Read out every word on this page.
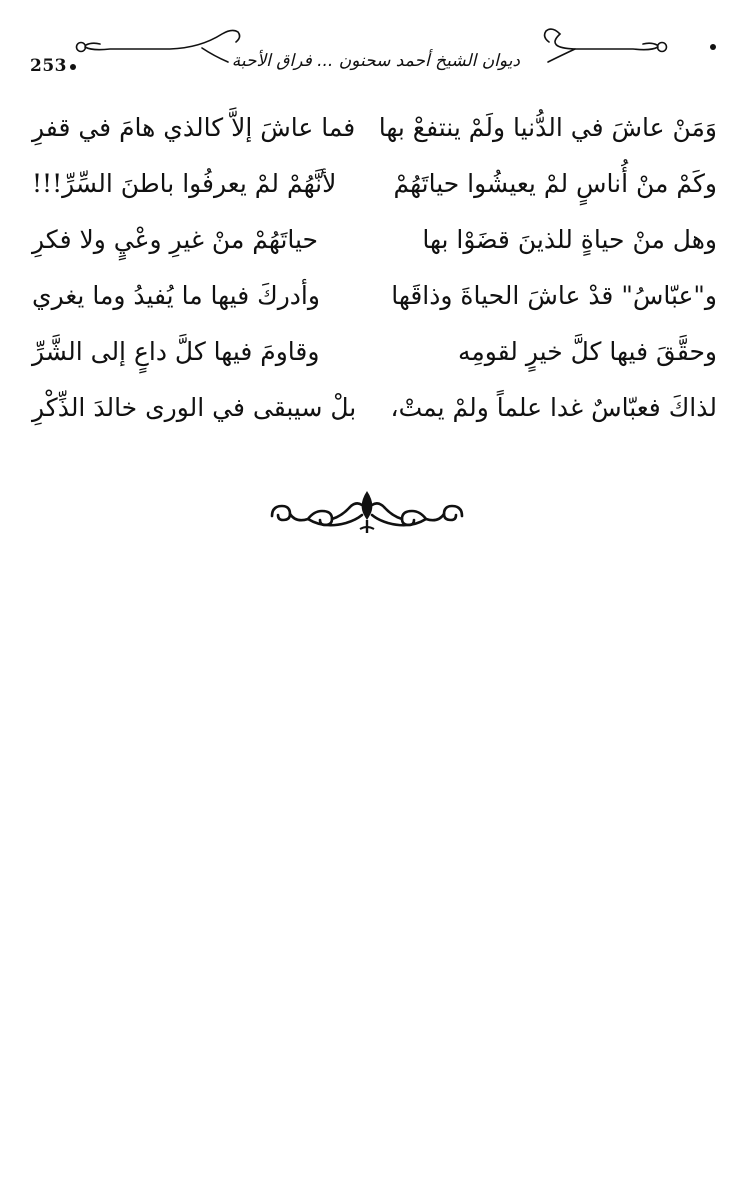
253	ديوان الشيخ أحمد سحنون ... فراق الأحبة
وَمَنْ عاشَ في الدُّنيا ولَمْ ينتفعْ بها
فما عاشَ إلاَّ كالذي هامَ في قفرِ
وكَمْ منْ أُناسٍ لمْ يعيشُوا حياتَهُمْ
لأنَّهُمْ لمْ يعرفُوا باطنَ السِّرِّ!!!
وهل منْ حياةٍ للذينَ قضَوْا بها
حياتَهُمْ منْ غيرِ وعْيٍ ولا فكرِ
و"عبّاسُ" قدْ عاشَ الحياةَ وذاقَها
وأدركَ فيها ما يُفيدُ وما يغري
وحقَّقَ فيها كلَّ خيرٍ لقومِه
وقاومَ فيها كلَّ داعٍ إلى الشَّرِّ
لذاكَ فعبّاسٌ غدا علماً ولمْ يمتْ،
بلْ سيبقى في الورى خالدَ الذِّكْرِ
